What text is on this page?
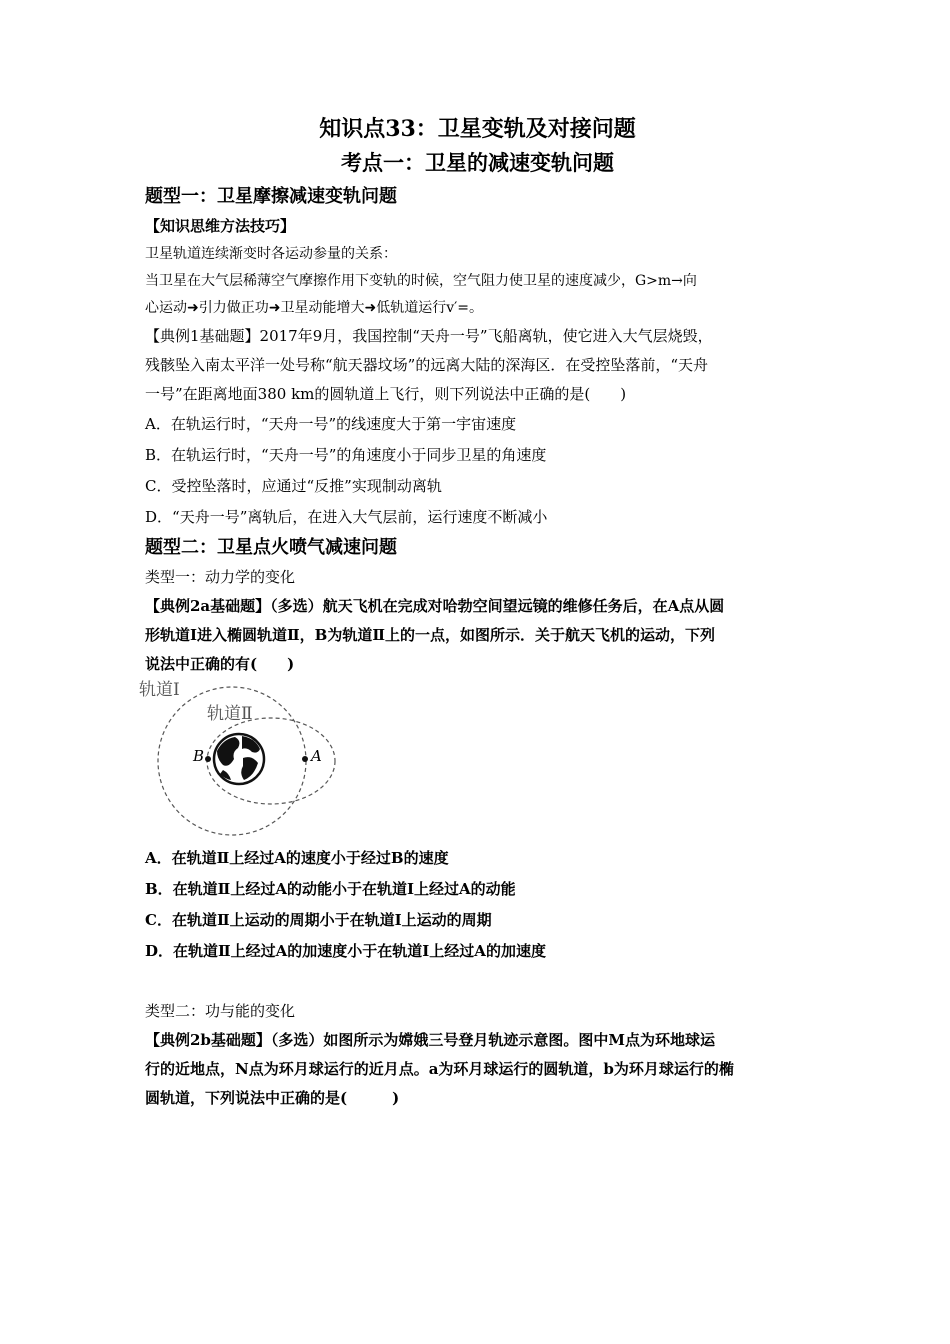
知识点33：卫星变轨及对接问题

考点一：卫星的减速变轨问题

题型一：卫星摩擦减速变轨问题

【知识思维方法技巧】

卫星轨道连续渐变时各运动参量的关系：

当卫星在大气层稀薄空气摩擦作用下变轨的时候，空气阻力使卫星的速度减少，G>m→向

心运动➜引力做正功➜卫星动能增大➜低轨道运行v′=。

【典例1基础题】2017年9月，我国控制“天舟一号”飞船离轨，使它进入大气层烧毁，

残骸坠入南太平洋一处号称“航天器坟场”的远离大陆的深海区．在受控坠落前，“天舟

一号”在距离地面380 km的圆轨道上飞行，则下列说法中正确的是(　　)

A．在轨运行时，“天舟一号”的线速度大于第一宇宙速度

B．在轨运行时，“天舟一号”的角速度小于同步卫星的角速度

C．受控坠落时，应通过“反推”实现制动离轨

D．“天舟一号”离轨后，在进入大气层前，运行速度不断减小

题型二：卫星点火喷气减速问题

类型一：动力学的变化

【典例2a基础题】（多选）航天飞机在完成对哈勃空间望远镜的维修任务后，在A点从圆

形轨道Ⅰ进入椭圆轨道Ⅱ，B为轨道Ⅱ上的一点，如图所示．关于航天飞机的运动，下列

说法中正确的有(　　)

轨道Ⅰ
轨道Ⅱ
B	A

A．在轨道Ⅱ上经过A的速度小于经过B的速度

B．在轨道Ⅱ上经过A的动能小于在轨道Ⅰ上经过A的动能

C．在轨道Ⅱ上运动的周期小于在轨道Ⅰ上运动的周期

D．在轨道Ⅱ上经过A的加速度小于在轨道Ⅰ上经过A的加速度

类型二：功与能的变化

【典例2b基础题】（多选）如图所示为嫦娥三号登月轨迹示意图。图中M点为环地球运

行的近地点，N点为环月球运行的近月点。a为环月球运行的圆轨道，b为环月球运行的椭

圆轨道，下列说法中正确的是(　　　)
